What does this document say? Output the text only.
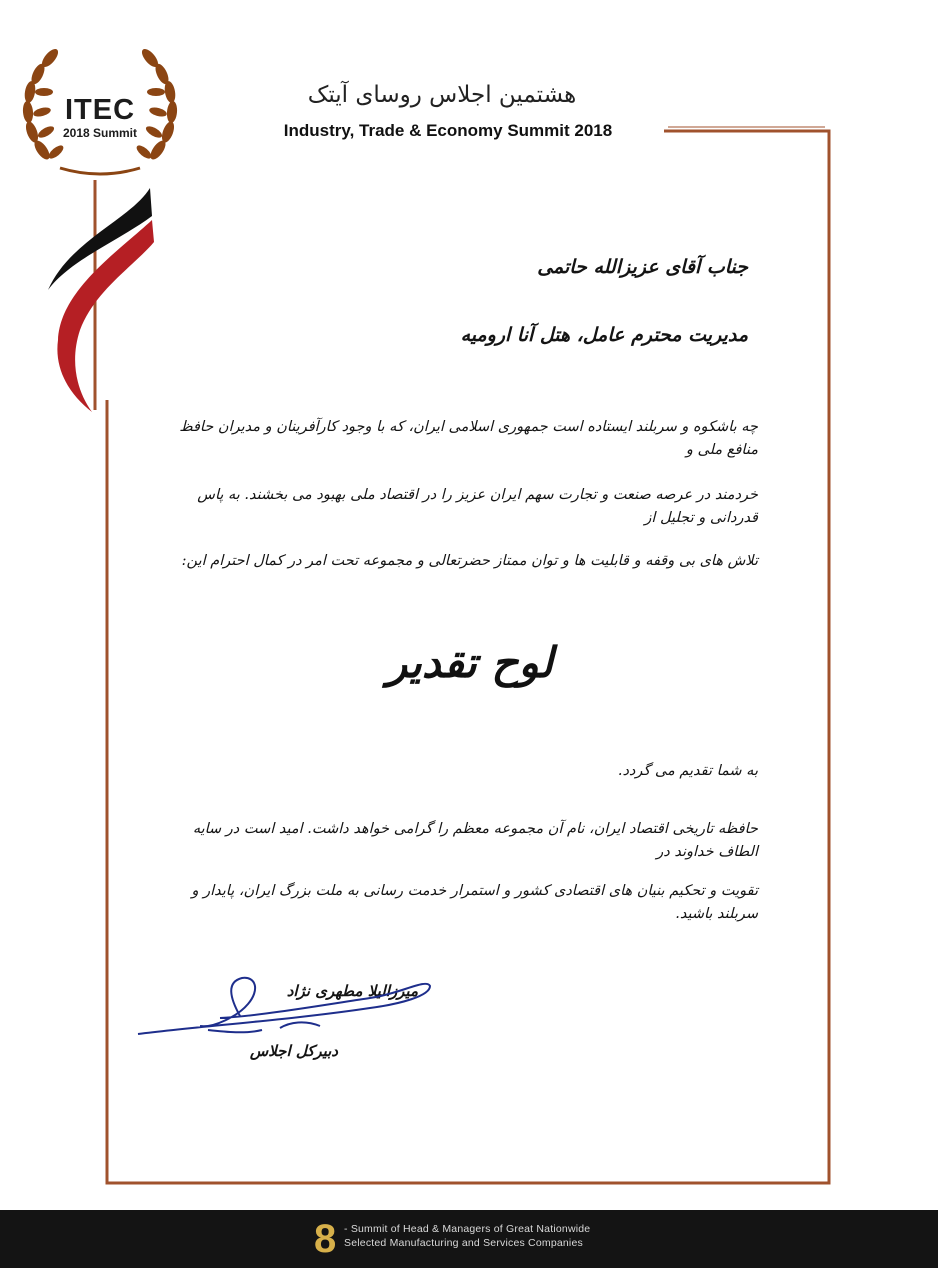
ITEC
2018 Summit
هشتمین اجلاس روسای آیتک
Industry, Trade & Economy Summit 2018
جناب آقای عزیزالله حاتمی
مدیریت محترم عامل، هتل آنا ارومیه
چه باشکوه و سربلند ایستاده است جمهوری اسلامی ایران، که با وجود کارآفرینان و مدیران حافظ منافع ملی و
خردمند در عرصه صنعت و تجارت سهم ایران عزیز را در اقتصاد ملی بهبود می بخشند. به پاس قدردانی و تجلیل از
تلاش های بی وقفه و قابلیت ها و توان ممتاز حضرتعالی و مجموعه تحت امر در کمال احترام این:
لوح تقدیر
به شما تقدیم می گردد.
حافظه تاریخی اقتصاد ایران، نام آن مجموعه معظم را گرامی خواهد داشت. امید است در سایه الطاف خداوند در
تقویت و تحکیم بنیان های اقتصادی کشور و استمرار خدمت رسانی به ملت بزرگ ایران، پایدار و سربلند باشید.
میرزالیلا مطهری نژاد
دبیرکل اجلاس
8 - Summit of Head & Managers of Great Nationwide
Selected Manufacturing and Services Companies
